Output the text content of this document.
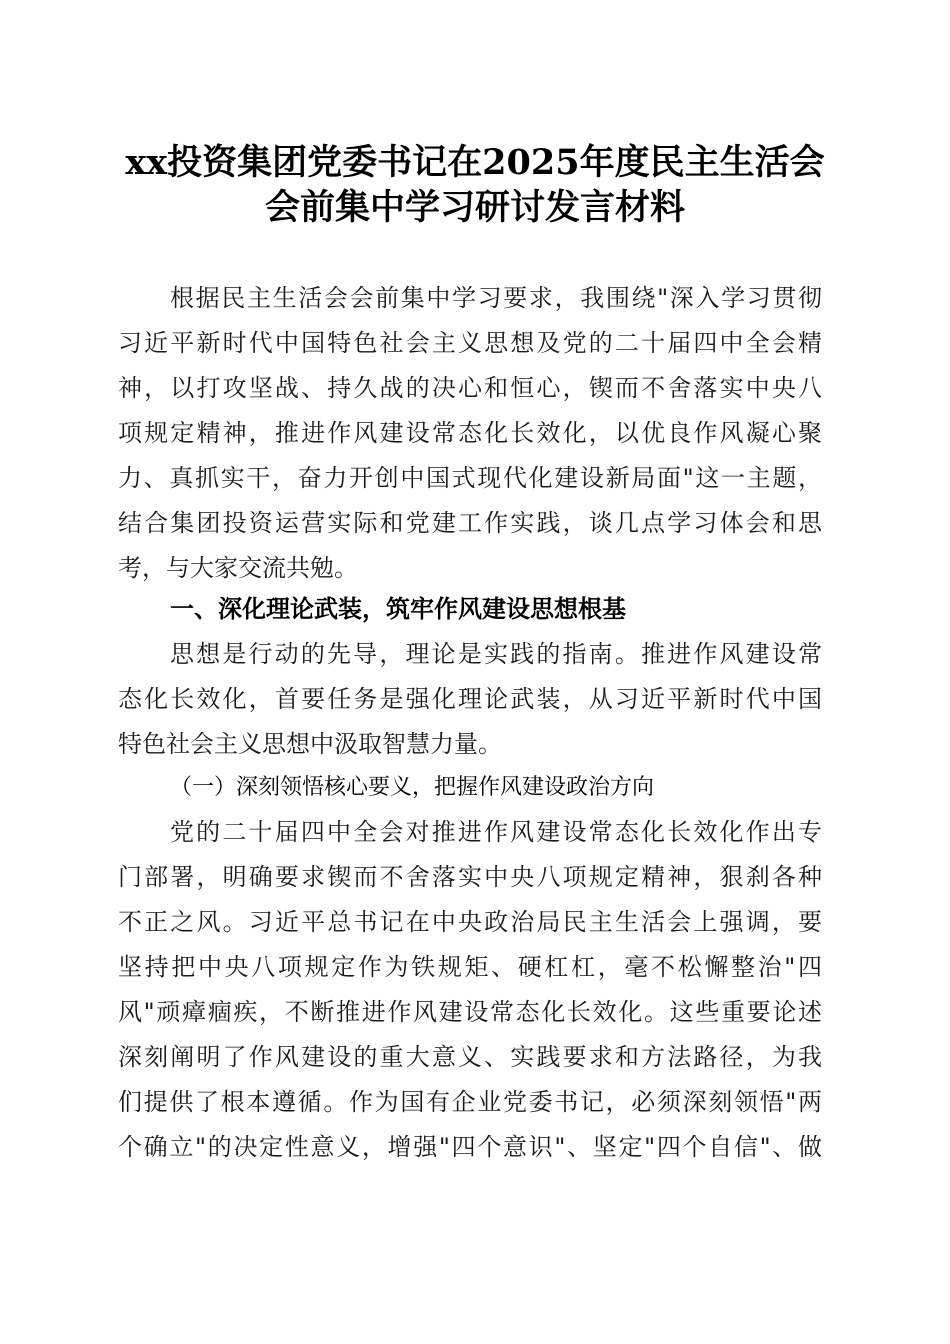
xx投资集团党委书记在2025年度民主生活会
会前集中学习研讨发言材料
根据民主生活会会前集中学习要求，我围绕"深入学习贯彻
习近平新时代中国特色社会主义思想及党的二十届四中全会精
神，以打攻坚战、持久战的决心和恒心，锲而不舍落实中央八
项规定精神，推进作风建设常态化长效化，以优良作风凝心聚
力、真抓实干，奋力开创中国式现代化建设新局面"这一主题，
结合集团投资运营实际和党建工作实践，谈几点学习体会和思
考，与大家交流共勉。
一、深化理论武装，筑牢作风建设思想根基
思想是行动的先导，理论是实践的指南。推进作风建设常
态化长效化，首要任务是强化理论武装，从习近平新时代中国
特色社会主义思想中汲取智慧力量。
（一）深刻领悟核心要义，把握作风建设政治方向
党的二十届四中全会对推进作风建设常态化长效化作出专
门部署，明确要求锲而不舍落实中央八项规定精神，狠刹各种
不正之风。习近平总书记在中央政治局民主生活会上强调，要
坚持把中央八项规定作为铁规矩、硬杠杠，毫不松懈整治"四
风"顽瘴痼疾，不断推进作风建设常态化长效化。这些重要论述
深刻阐明了作风建设的重大意义、实践要求和方法路径，为我
们提供了根本遵循。作为国有企业党委书记，必须深刻领悟"两
个确立"的决定性意义，增强"四个意识"、坚定"四个自信"、做
